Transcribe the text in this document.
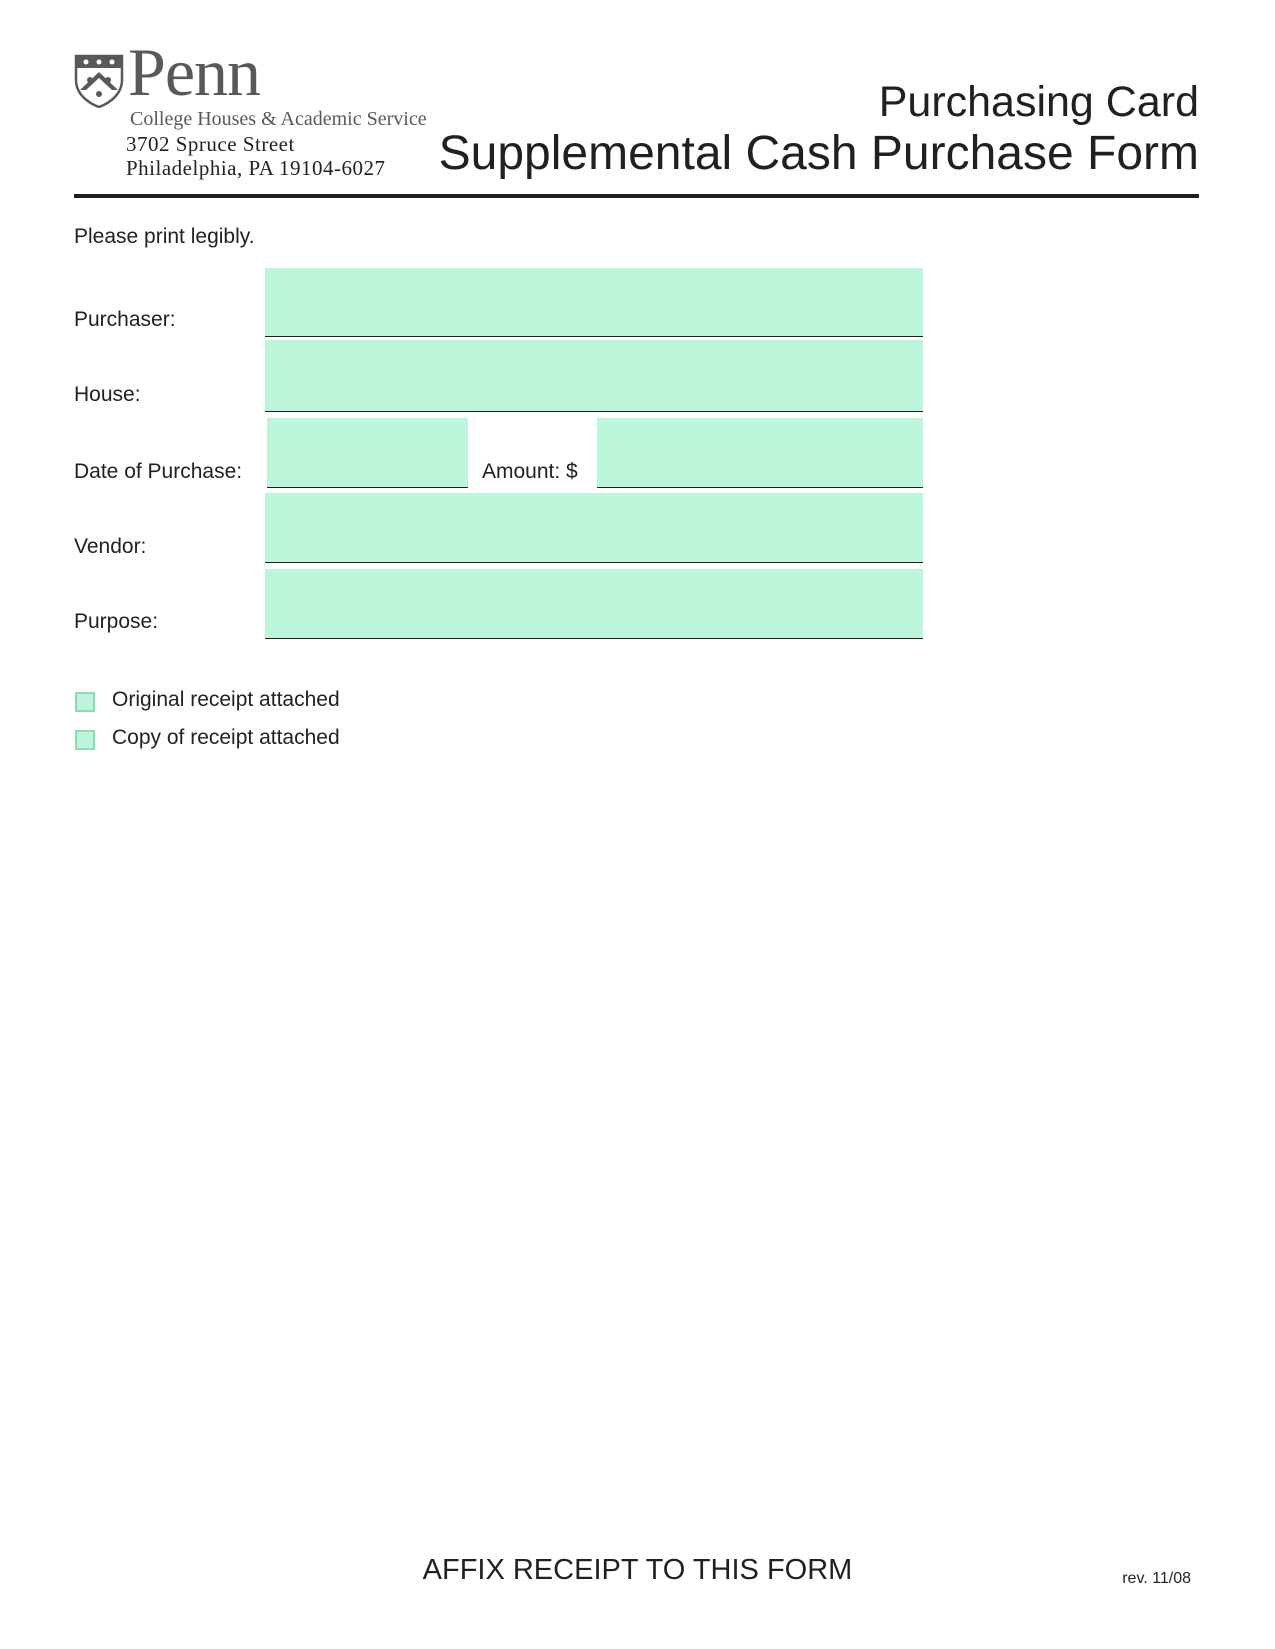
Penn
College Houses & Academic Service
3702 Spruce Street
Philadelphia, PA 19104-6027
Purchasing Card
Supplemental Cash Purchase Form
Please print legibly.
Purchaser:
House:
Date of Purchase:	Amount: $
Vendor:
Purpose:
Original receipt attached
Copy of receipt attached
AFFIX RECEIPT TO THIS FORM	rev. 11/08
